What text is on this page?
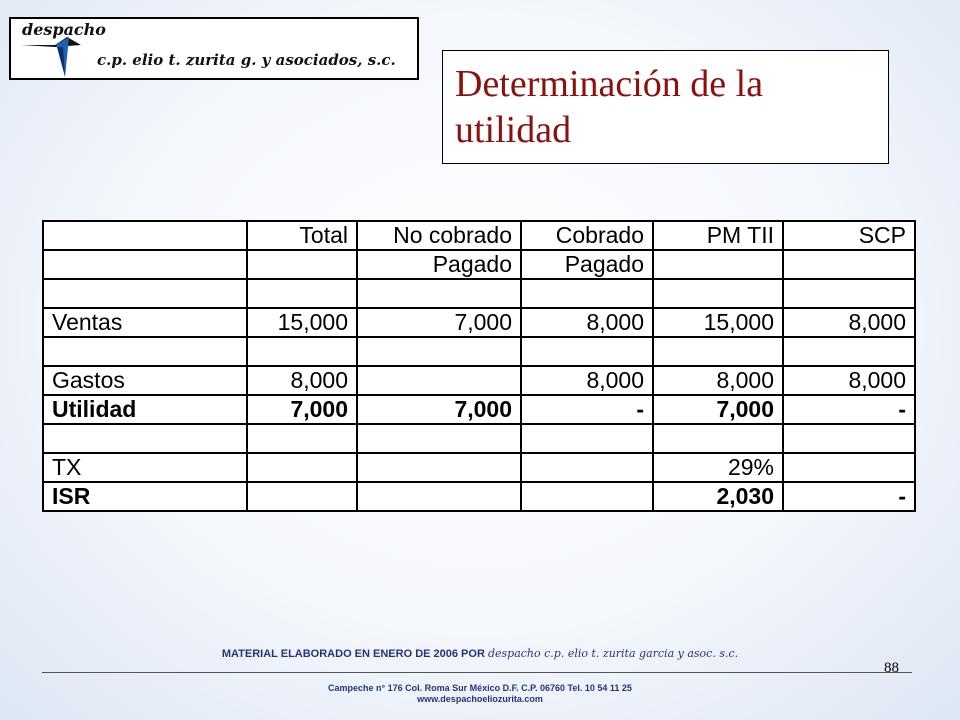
despacho
c.p. elio t. zurita g. y asociados, s.c.
Determinación de la utilidad
	Total	No cobrado	Cobrado	PM TII	SCP
		Pagado	Pagado		

Ventas	15,000	7,000	8,000	15,000	8,000

Gastos	8,000		8,000	8,000	8,000
Utilidad	7,000	7,000	-	7,000	-

TX				29%	
ISR				2,030	-
MATERIAL ELABORADO EN ENERO DE 2006 POR despacho c.p. elio t. zurita garcia y asoc. s.c.
88
Campeche n° 176 Col. Roma Sur México D.F. C.P. 06760 Tel. 10 54 11 25
www.despachoeliozurita.com
